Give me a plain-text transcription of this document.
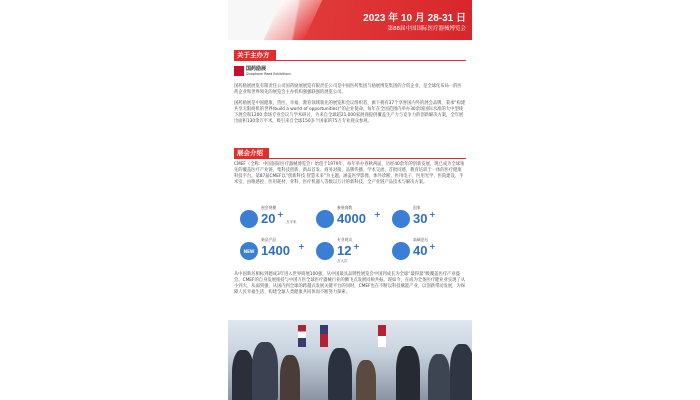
2023 年 10 月 28-31 日
第88届中国国际医疗器械博览会
关于主办方
国药励展
Sinopharm Reed Exhibitions
国药励展展览有限责任公司国药励展展览有限责任公司是中国医药集团与励展博览集团的合资企业，是全球化布局一的医药企业和世界领先的展览会主办机构强强联强的展览公司。
国药励展是中国健康、兽医、幸福、教育领域领先的展览和会议组织者，旗下拥有37个享誉国内外的展会品牌，秉承“构建共享无限商机的世界(build a world of opportunities)”的企业使命，每年在全国范围内举办30余场国际水准的大中型线下展会和1200 余场专业会议与学术研讨，为来自全球超21,000家展商提供覆盖生产力与竞争力的创新解决方案，全年展出面积130余万平米，吸引来自全球150多个国家的75万专业观众参观。
展会介绍
CMEF（全称：中国国际医疗器械博览会）始创于1979年，每年举办春秋两届，历经40余年的创新发展，现已成为全球领先的覆盖医疗产业链、集科技创新、新品首发、商务对接、品牌传播、学术交流、首批同感、教育培训于一体的医疗健康科技平台。第87届CMEF以“创新科技 智慧未来”为主题，涵盖医学影像、体外诊断、医用电子、医用光学、医院建设、手术室、由唯感控、医用耗材、骨科、医疗机器人等数以万计的新科技、全产业链产品技术与解决方案。
展会规模
20 +
万平米
参展商数
4000 +
国家
30 +
NEW
新品产品
1400 +
专业观众
12 +
万人次
高端论坛
40 +
从中国新名相标到德成3年进入世界商展100强，从中国最具品牌性展览会中国到成长为全球“最得量”级覆盖医疗产业盛会。CMEF的自身发展推持与中国万医全球医疗器械行业的腾飞式发展同频共振。现如今，在成为全条医疗健业业实现了从小到大、从弱到强、从国内到全球的跨越式发展关键平台的同时，CMEF也在不断以科技赋能产业，以创新带动发展，为保障人民幸福生活、构建全球人类健康共同体而不断努力探索。
